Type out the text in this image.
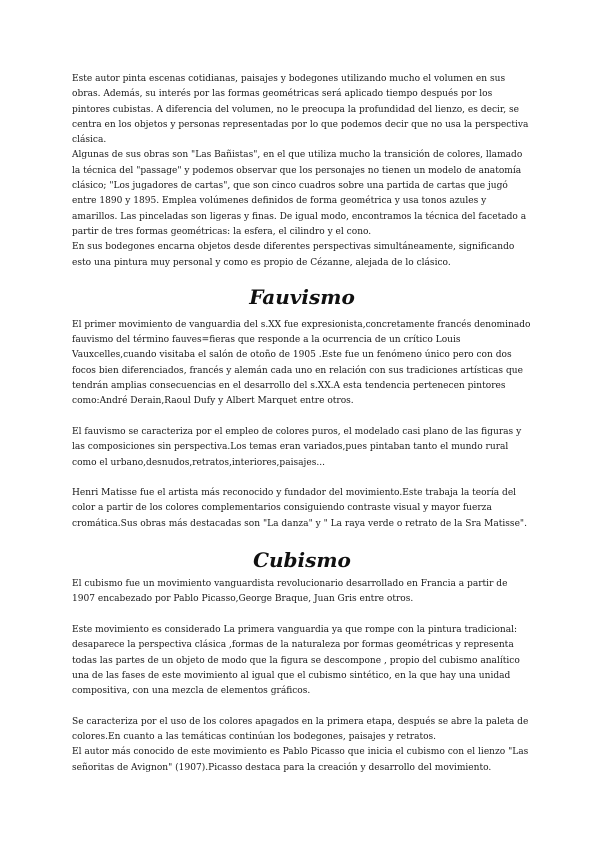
Este autor pinta escenas cotidianas, paisajes y bodegones utilizando mucho el volumen en sus obras. Además, su interés por las formas geométricas será aplicado tiempo después por los pintores cubistas. A diferencia del volumen, no le preocupa la profundidad del lienzo, es decir, se centra en los objetos y personas representadas por lo que podemos decir que no usa la perspectiva clásica.

Algunas de sus obras son "Las Bañistas", en el que utiliza mucho la transición de colores, llamado la técnica del "passage" y podemos observar que los personajes no tienen un modelo de anatomía clásico; "Los jugadores de cartas", que son cinco cuadros sobre una partida de cartas que jugó entre 1890 y 1895. Emplea volúmenes definidos de forma geométrica y usa tonos azules y amarillos. Las pinceladas son ligeras y finas. De igual modo, encontramos la técnica del facetado a partir de tres formas geométricas: la esfera, el cilindro y el cono.

En sus bodegones encarna objetos desde diferentes perspectivas simultáneamente, significando esto una pintura muy personal y como es propio de Cézanne, alejada de lo clásico.

Fauvismo

El primer movimiento de vanguardia del s.XX fue expresionista,concretamente francés denominado fauvismo del término fauves=fieras que responde a la ocurrencia de un crítico Louis Vauxcelles,cuando visitaba el salón de otoño de 1905 .Este fue un fenómeno único pero con dos focos bien diferenciados, francés y alemán cada uno en relación con sus tradiciones artísticas que tendrán amplias consecuencias en el desarrollo del s.XX.A esta tendencia pertenecen pintores como:André Derain,Raoul Dufy y Albert Marquet entre otros.

El fauvismo se caracteriza por el empleo de colores puros, el modelado casi plano de las figuras y las composiciones sin perspectiva.Los temas eran variados,pues pintaban tanto el mundo rural como el urbano,desnudos,retratos,interiores,paisajes...

Henri Matisse fue el artista más reconocido y fundador del movimiento.Este trabaja la teoría del color a partir de los colores complementarios consiguiendo contraste visual y mayor fuerza cromática.Sus obras más destacadas son "La danza" y " La raya verde o retrato de la Sra Matisse".

Cubismo

El cubismo fue un movimiento vanguardista revolucionario desarrollado en Francia a partir de 1907 encabezado por Pablo Picasso,George Braque, Juan Gris entre otros.

Este movimiento es considerado La primera vanguardia ya que rompe con la pintura tradicional: desaparece la perspectiva clásica ,formas de la naturaleza por formas geométricas y representa todas las partes de un objeto de modo que la figura se descompone , propio del cubismo analítico una de las fases de este movimiento al igual que el cubismo sintético, en la que hay una unidad compositiva, con una mezcla de elementos gráficos.

Se caracteriza por el uso de los colores apagados en la primera etapa, después se abre la paleta de colores.En cuanto a las temáticas continúan los bodegones, paisajes y retratos.

El autor más conocido de este movimiento es Pablo Picasso que inicia el cubismo con el lienzo "Las señoritas de Avignon" (1907).Picasso destaca para la creación y desarrollo del movimiento.
